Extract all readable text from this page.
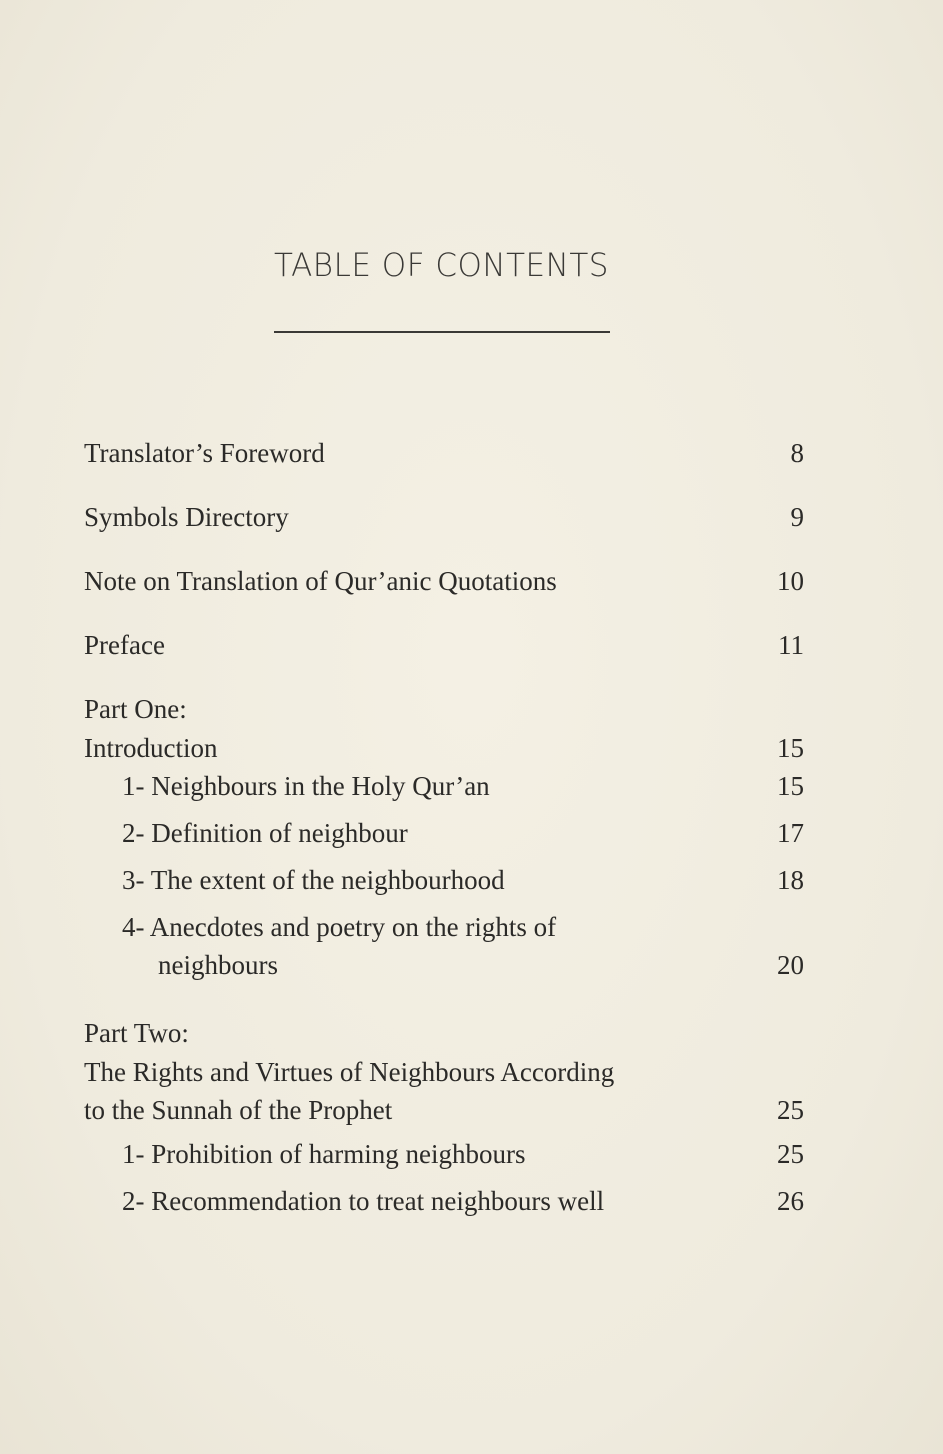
TABLE OF CONTENTS
Translator’s Foreword	8
Symbols Directory	9
Note on Translation of Qur’anic Quotations	10
Preface	11
Part One:
Introduction	15
1- Neighbours in the Holy Qur’an	15
2- Definition of neighbour	17
3- The extent of the neighbourhood	18
4- Anecdotes and poetry on the rights of
neighbours	20
Part Two:
The Rights and Virtues of Neighbours According
to the Sunnah of the Prophet	25
1- Prohibition of harming neighbours	25
2- Recommendation to treat neighbours well	26
